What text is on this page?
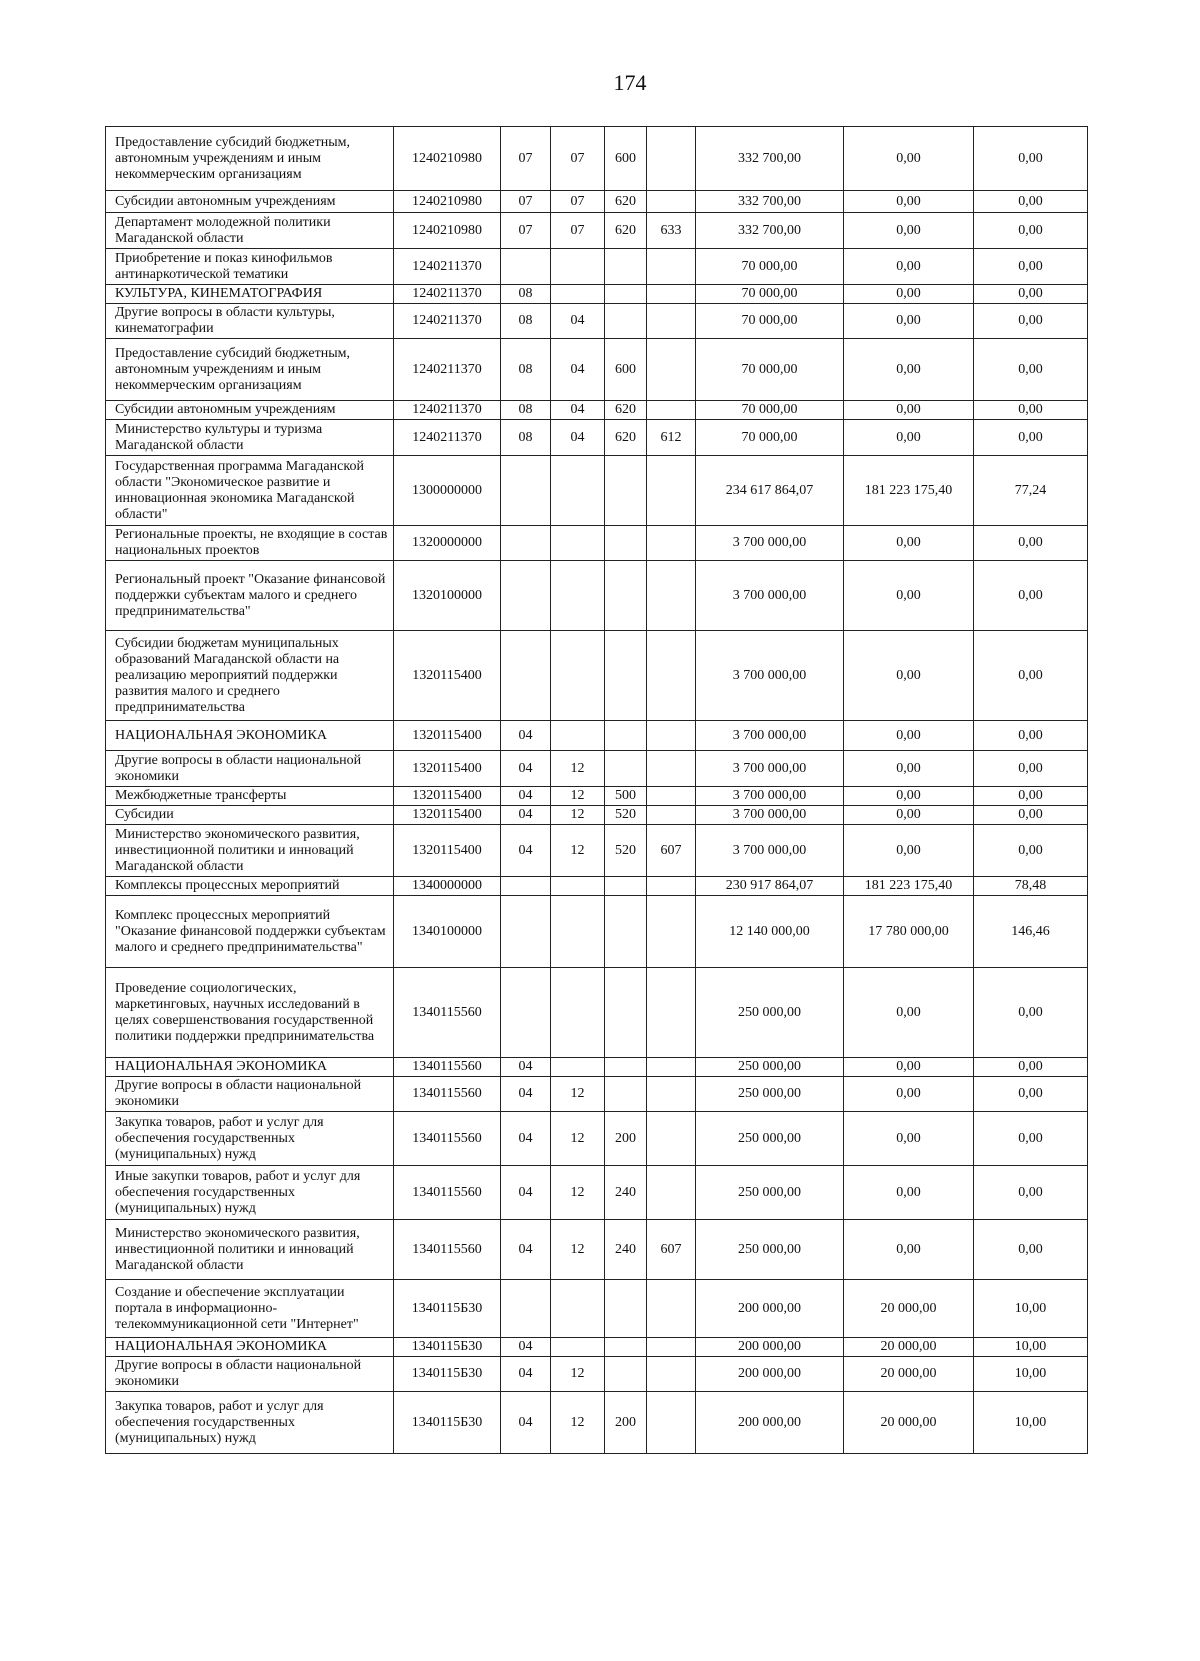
174
Предоставление субсидий бюджетным, автономным учреждениям и иным некоммерческим организациям	1240210980	07	07	600		332 700,00	0,00	0,00
Субсидии автономным учреждениям	1240210980	07	07	620		332 700,00	0,00	0,00
Департамент молодежной политики Магаданской области	1240210980	07	07	620	633	332 700,00	0,00	0,00
Приобретение и показ кинофильмов антинаркотической тематики	1240211370					70 000,00	0,00	0,00
КУЛЬТУРА, КИНЕМАТОГРАФИЯ	1240211370	08				70 000,00	0,00	0,00
Другие вопросы в области культуры, кинематографии	1240211370	08	04			70 000,00	0,00	0,00
Предоставление субсидий бюджетным, автономным учреждениям и иным некоммерческим организациям	1240211370	08	04	600		70 000,00	0,00	0,00
Субсидии автономным учреждениям	1240211370	08	04	620		70 000,00	0,00	0,00
Министерство культуры и туризма Магаданской области	1240211370	08	04	620	612	70 000,00	0,00	0,00
Государственная программа Магаданской области "Экономическое развитие и инновационная экономика Магаданской области"	1300000000					234 617 864,07	181 223 175,40	77,24
Региональные проекты, не входящие в состав национальных проектов	1320000000					3 700 000,00	0,00	0,00
Региональный проект "Оказание финансовой поддержки субъектам малого и среднего предпринимательства"	1320100000					3 700 000,00	0,00	0,00
Субсидии бюджетам муниципальных образований Магаданской области на реализацию мероприятий поддержки развития малого и среднего предпринимательства	1320115400					3 700 000,00	0,00	0,00
НАЦИОНАЛЬНАЯ ЭКОНОМИКА	1320115400	04				3 700 000,00	0,00	0,00
Другие вопросы в области национальной экономики	1320115400	04	12			3 700 000,00	0,00	0,00
Межбюджетные трансферты	1320115400	04	12	500		3 700 000,00	0,00	0,00
Субсидии	1320115400	04	12	520		3 700 000,00	0,00	0,00
Министерство экономического развития, инвестиционной политики и инноваций Магаданской области	1320115400	04	12	520	607	3 700 000,00	0,00	0,00
Комплексы процессных мероприятий	1340000000					230 917 864,07	181 223 175,40	78,48
Комплекс процессных мероприятий "Оказание финансовой поддержки субъектам малого и среднего предпринимательства"	1340100000					12 140 000,00	17 780 000,00	146,46
Проведение социологических, маркетинговых, научных исследований в целях совершенствования государственной политики поддержки предпринимательства	1340115560					250 000,00	0,00	0,00
НАЦИОНАЛЬНАЯ ЭКОНОМИКА	1340115560	04				250 000,00	0,00	0,00
Другие вопросы в области национальной экономики	1340115560	04	12			250 000,00	0,00	0,00
Закупка товаров, работ и услуг для обеспечения государственных (муниципальных) нужд	1340115560	04	12	200		250 000,00	0,00	0,00
Иные закупки товаров, работ и услуг для обеспечения государственных (муниципальных) нужд	1340115560	04	12	240		250 000,00	0,00	0,00
Министерство экономического развития, инвестиционной политики и инноваций Магаданской области	1340115560	04	12	240	607	250 000,00	0,00	0,00
Создание и обеспечение эксплуатации портала в информационно-телекоммуникационной сети "Интернет"	1340115Б30					200 000,00	20 000,00	10,00
НАЦИОНАЛЬНАЯ ЭКОНОМИКА	1340115Б30	04				200 000,00	20 000,00	10,00
Другие вопросы в области национальной экономики	1340115Б30	04	12			200 000,00	20 000,00	10,00
Закупка товаров, работ и услуг для обеспечения государственных (муниципальных) нужд	1340115Б30	04	12	200		200 000,00	20 000,00	10,00
